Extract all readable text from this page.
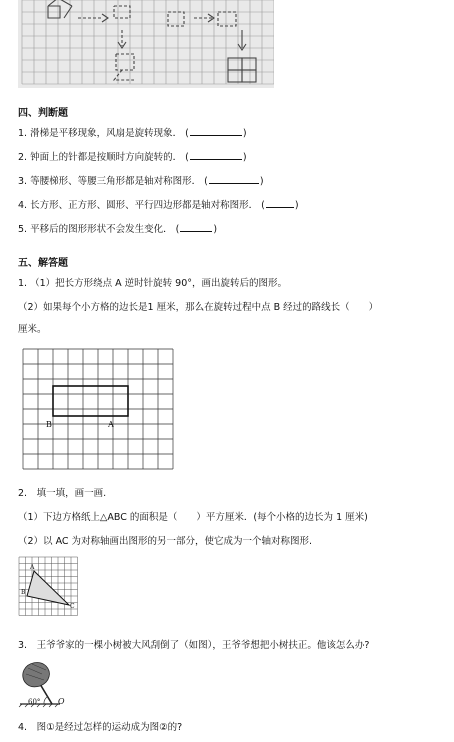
四、判断题
1. 滑梯是平移现象，风扇是旋转现象． (	)
2. 钟面上的针都是按顺时方向旋转的． (	)
3. 等腰梯形、等腰三角形都是轴对称图形． (	)
4. 长方形、正方形、圆形、平行四边形都是轴对称图形． (	)
5. 平移后的图形形状不会发生变化． (	)
五、解答题
1. （1）把长方形绕点 A 逆时针旋转 90°，画出旋转后的图形。
（2）如果每个小方格的边长是1 厘米，那么在旋转过程中点 B 经过的路线长（　　）
厘米。
B	A
2.　填一填，画一画.
（1）下边方格纸上△ABC 的面积是（　　）平方厘米．(每个小格的边长为 1 厘米)
（2）以 AC 为对称轴画出图形的另一部分，使它成为一个轴对称图形.
A
B
C
3.　王爷爷家的一棵小树被大风刮倒了（如图），王爷爷想把小树扶正。他该怎么办?
60° O
4.　图①是经过怎样的运动成为图②的?
